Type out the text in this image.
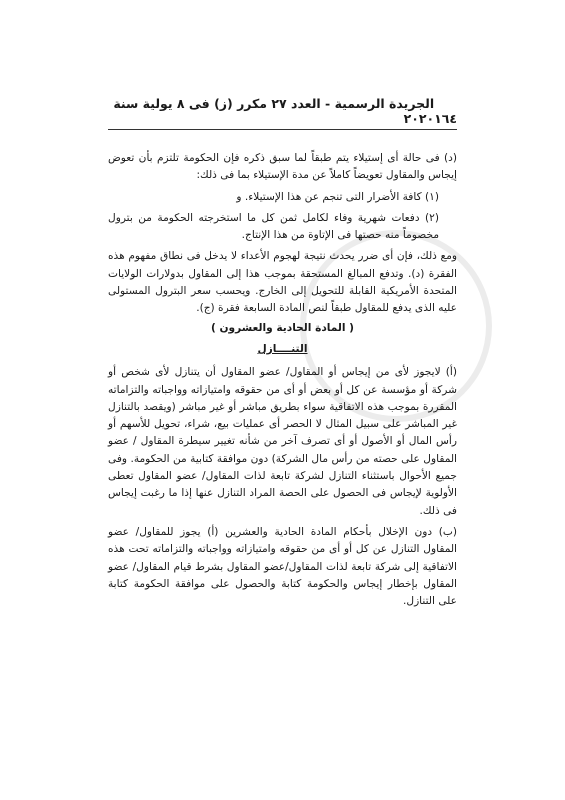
١٦٤
الجريدة الرسمية - العدد ٢٧ مكرر (ز) فى ٨ يولية سنة ٢٠٢٠

(د) فى حالة أى إستيلاء يتم طبقاً لما سبق ذكره فإن الحكومة تلتزم بأن تعوض إيجاس والمقاول تعويضاً كاملاً عن مدة الإستيلاء بما فى ذلك:

(١) كافة الأضرار التى تنجم عن هذا الإستيلاء. و

(٢) دفعات شهرية وفاء لكامل ثمن كل ما استخرجته الحكومة من بترول مخصوماً منه حصتها فى الإتاوة من هذا الإنتاج.

ومع ذلك، فإن أى ضرر يحدث نتيجة لهجوم الأعداء لا يدخل فى نطاق مفهوم هذه الفقرة (د). وتدفع المبالغ المستحقة بموجب هذا إلى المقاول بدولارات الولايات المتحدة الأمريكية القابلة للتحويل إلى الخارج. ويحسب سعر البترول المستولى عليه الذى يدفع للمقاول طبقاً لنص المادة السابعة فقرة (ج).

( المادة الحادية والعشرون )

التنــــازل

(أ) لايجوز لأى من إيجاس أو المقاول/ عضو المقاول أن يتنازل لأى شخص أو شركة أو مؤسسة عن كل أو بعض أو أى من حقوقه وامتيازاته وواجباته والتزاماته المقررة بموجب هذه الاتفاقية سواء بطريق مباشر أو غير مباشر (ويقصد بالتنازل غير المباشر على سبيل المثال لا الحصر أى عمليات بيع، شراء، تحويل للأسهم أو رأس المال أو الأصول أو أى تصرف آخر من شأنه تغيير سيطرة المقاول / عضو المقاول على حصته من رأس مال الشركة) دون موافقة كتابية من الحكومة. وفى جميع الأحوال باستثناء التنازل لشركة تابعة لذات المقاول/ عضو المقاول تعطى الأولوية لإيجاس فى الحصول على الحصة المراد التنازل عنها إذا ما رغبت إيجاس فى ذلك.

(ب) دون الإخلال بأحكام المادة الحادية والعشرين (أ) يجوز للمقاول/ عضو المقاول التنازل عن كل أو أى من حقوقه وامتيازاته وواجباته والتزاماته تحت هذه الاتفاقية إلى شركة تابعة لذات المقاول/عضو المقاول بشرط قيام المقاول/ عضو المقاول بإخطار إيجاس والحكومة كتابة والحصول على موافقة الحكومة كتابة على التنازل.
